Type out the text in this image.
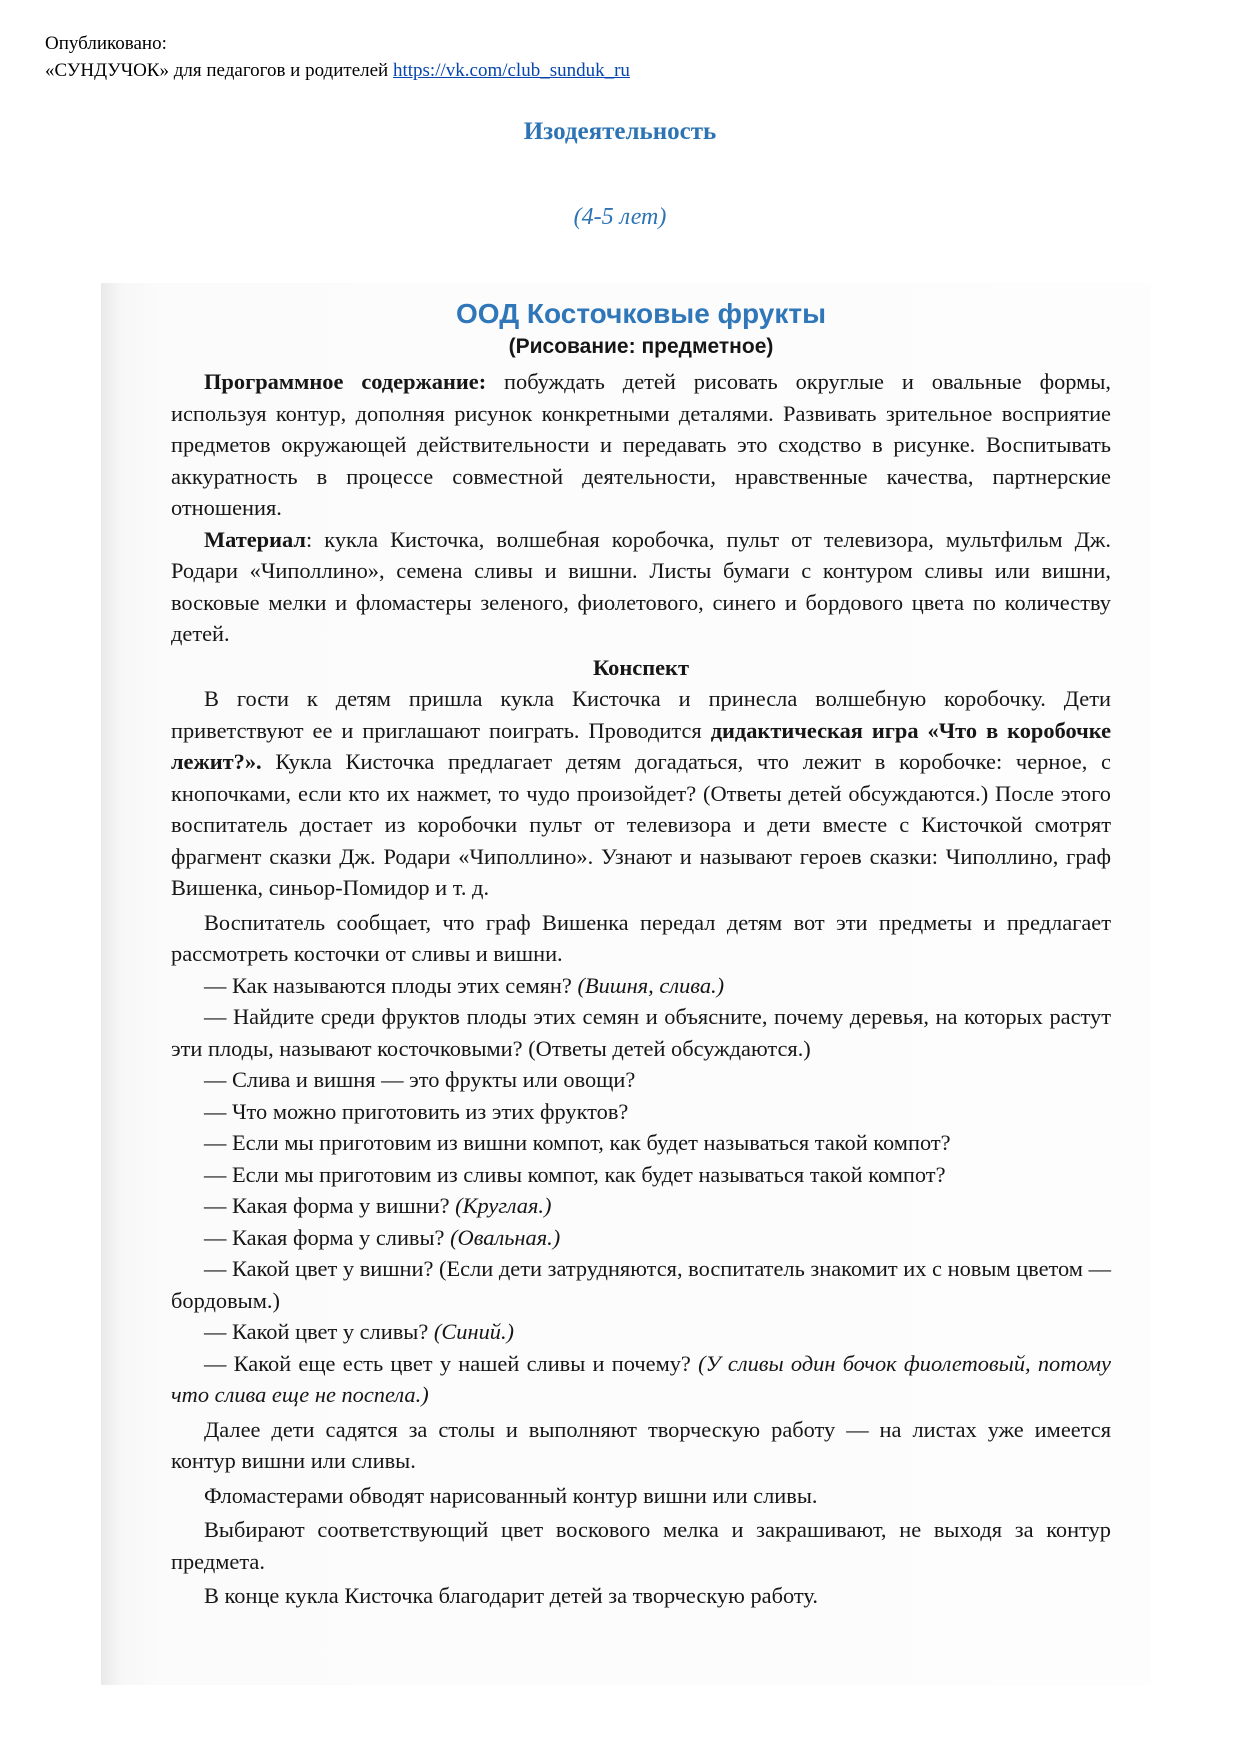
Опубликовано:
«СУНДУЧОК» для педагогов и родителей https://vk.com/club_sunduk_ru
Изодеятельность
(4-5 лет)
ООД Косточковые фрукты
(Рисование: предметное)

Программное содержание: побуждать детей рисовать округлые и овальные формы, используя контур, дополняя рисунок конкретными деталями. Развивать зрительное восприятие предметов окружающей действительности и передавать это сходство в рисунке. Воспитывать аккуратность в процессе совместной деятельности, нравственные качества, партнерские отношения.

Материал: кукла Кисточка, волшебная коробочка, пульт от телевизора, мультфильм Дж. Родари «Чиполлино», семена сливы и вишни. Листы бумаги с контуром сливы или вишни, восковые мелки и фломастеры зеленого, фиолетового, синего и бордового цвета по количеству детей.

Конспект

В гости к детям пришла кукла Кисточка и принесла волшебную коробочку. Дети приветствуют ее и приглашают поиграть. Проводится дидактическая игра «Что в коробочке лежит?». Кукла Кисточка предлагает детям догадаться, что лежит в коробочке: черное, с кнопочками, если кто их нажмет, то чудо произойдет? (Ответы детей обсуждаются.) После этого воспитатель достает из коробочки пульт от телевизора и дети вместе с Кисточкой смотрят фрагмент сказки Дж. Родари «Чиполлино». Узнают и называют героев сказки: Чиполлино, граф Вишенка, синьор-Помидор и т. д.

Воспитатель сообщает, что граф Вишенка передал детям вот эти предметы и предлагает рассмотреть косточки от сливы и вишни.

— Как называются плоды этих семян? (Вишня, слива.)

— Найдите среди фруктов плоды этих семян и объясните, почему деревья, на которых растут эти плоды, называют косточковыми? (Ответы детей обсуждаются.)

— Слива и вишня — это фрукты или овощи?

— Что можно приготовить из этих фруктов?

— Если мы приготовим из вишни компот, как будет называться такой компот?

— Если мы приготовим из сливы компот, как будет называться такой компот?

— Какая форма у вишни? (Круглая.)

— Какая форма у сливы? (Овальная.)

— Какой цвет у вишни? (Если дети затрудняются, воспитатель знакомит их с новым цветом — бордовым.)

— Какой цвет у сливы? (Синий.)

— Какой еще есть цвет у нашей сливы и почему? (У сливы один бочок фиолетовый, потому что слива еще не поспела.)

Далее дети садятся за столы и выполняют творческую работу — на листах уже имеется контур вишни или сливы.

Фломастерами обводят нарисованный контур вишни или сливы.

Выбирают соответствующий цвет воскового мелка и закрашивают, не выходя за контур предмета.

В конце кукла Кисточка благодарит детей за творческую работу.
